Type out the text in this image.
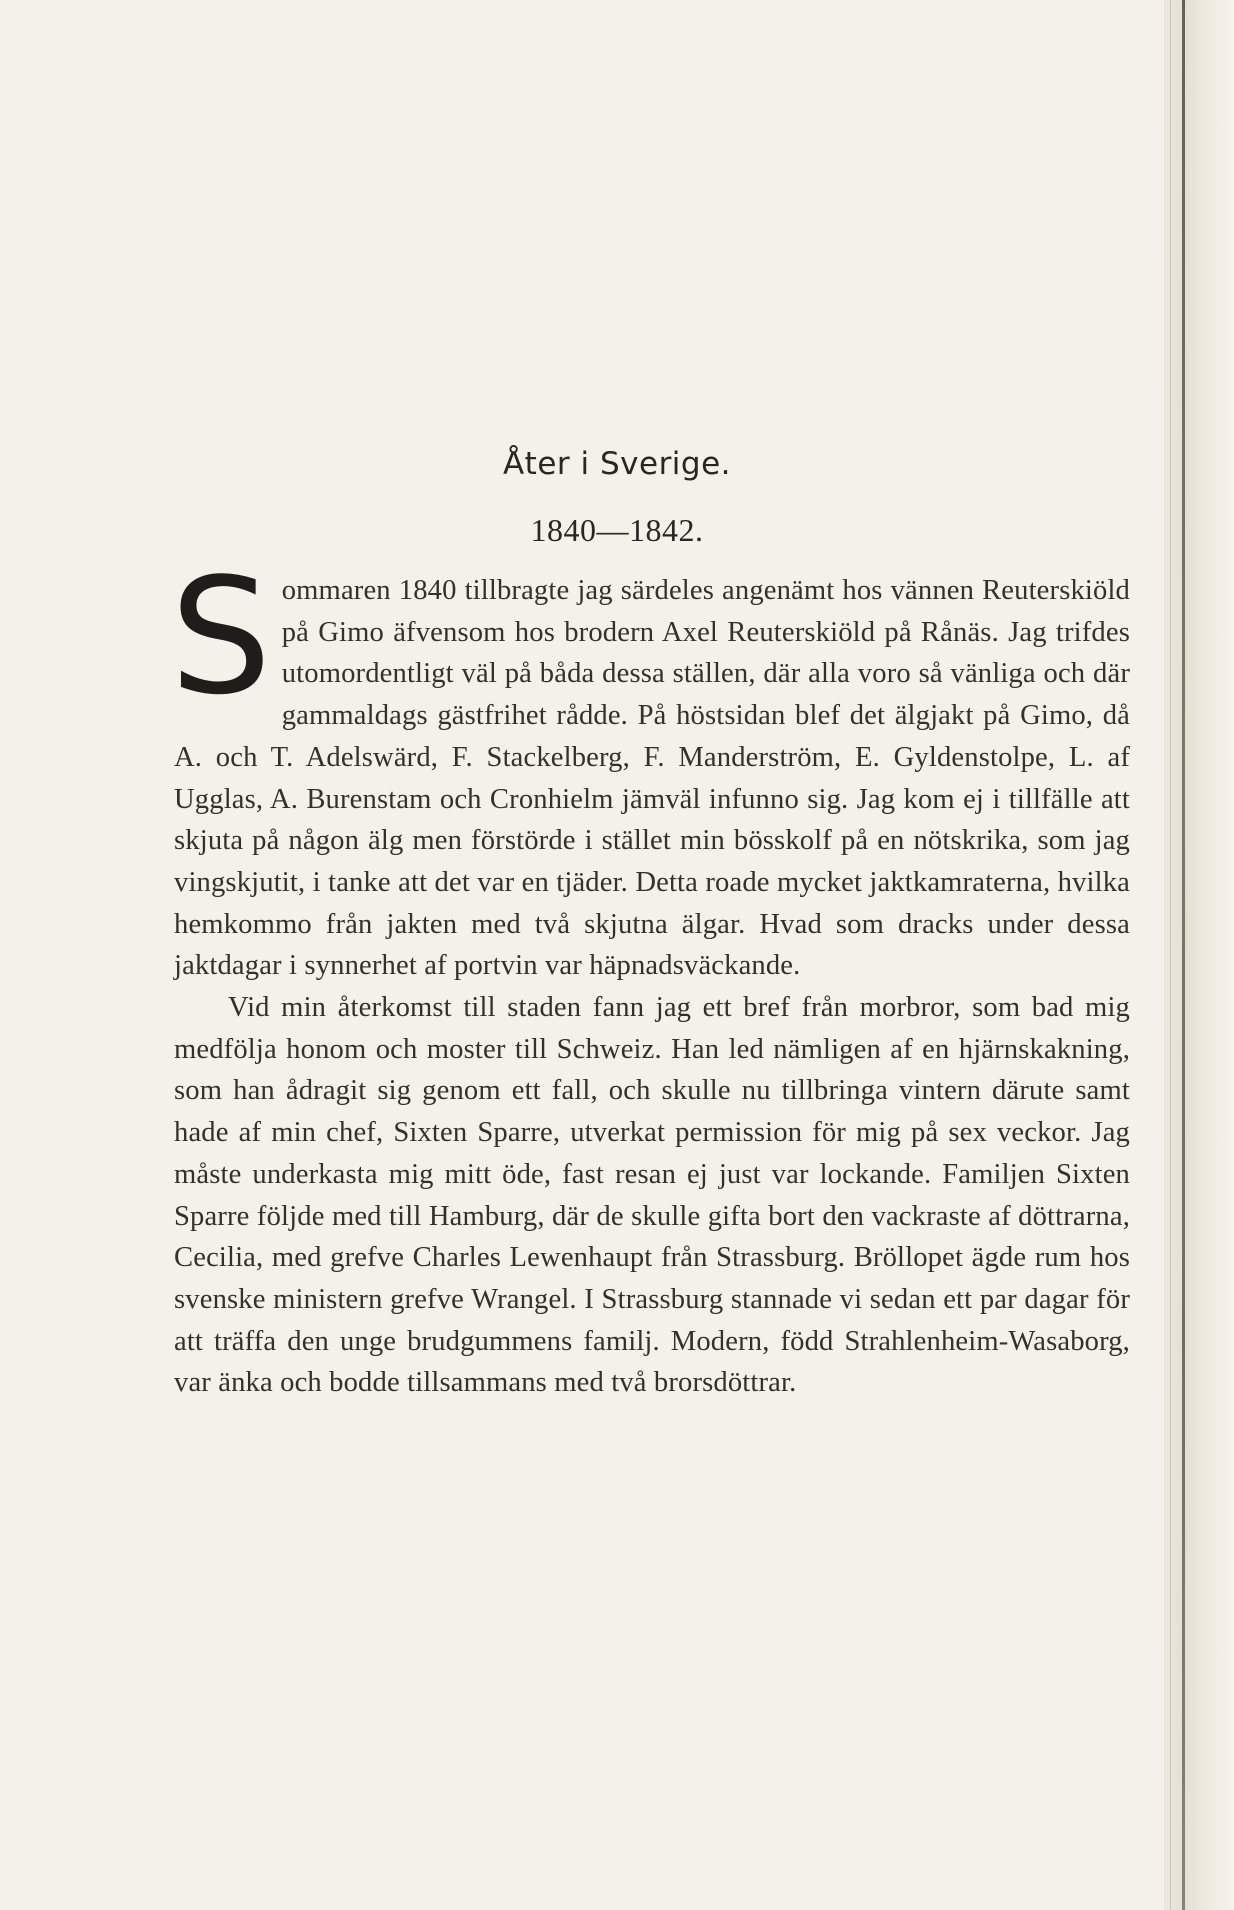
Åter i Sverige.
1840—1842.

Sommaren 1840 tillbragte jag särdeles angenämt hos vännen Reuterskiöld på Gimo äfvensom hos brodern Axel Reuterskiöld på Rånäs. Jag trifdes utomordentligt väl på båda dessa ställen, där alla voro så vänliga och där gammaldags gästfrihet rådde. På höstsidan blef det älgjakt på Gimo, då A. och T. Adelswärd, F. Stackelberg, F. Manderström, E. Gyldenstolpe, L. af Ugglas, A. Burenstam och Cronhielm jämväl infunno sig. Jag kom ej i tillfälle att skjuta på någon älg men förstörde i stället min bösskolf på en nötskrika, som jag vingskjutit, i tanke att det var en tjäder. Detta roade mycket jaktkamraterna, hvilka hemkommo från jakten med två skjutna älgar. Hvad som dracks under dessa jaktdagar i synnerhet af portvin var häpnadsväckande.

Vid min återkomst till staden fann jag ett bref från morbror, som bad mig medfölja honom och moster till Schweiz. Han led nämligen af en hjärnskakning, som han ådragit sig genom ett fall, och skulle nu tillbringa vintern därute samt hade af min chef, Sixten Sparre, utverkat permission för mig på sex veckor. Jag måste underkasta mig mitt öde, fast resan ej just var lockande. Familjen Sixten Sparre följde med till Hamburg, där de skulle gifta bort den vackraste af döttrarna, Cecilia, med grefve Charles Lewenhaupt från Strassburg. Bröllopet ägde rum hos svenske ministern grefve Wrangel. I Strassburg stannade vi sedan ett par dagar för att träffa den unge brudgummens familj. Modern, född Strahlenheim-Wasaborg, var änka och bodde tillsammans med två brorsdöttrar.
